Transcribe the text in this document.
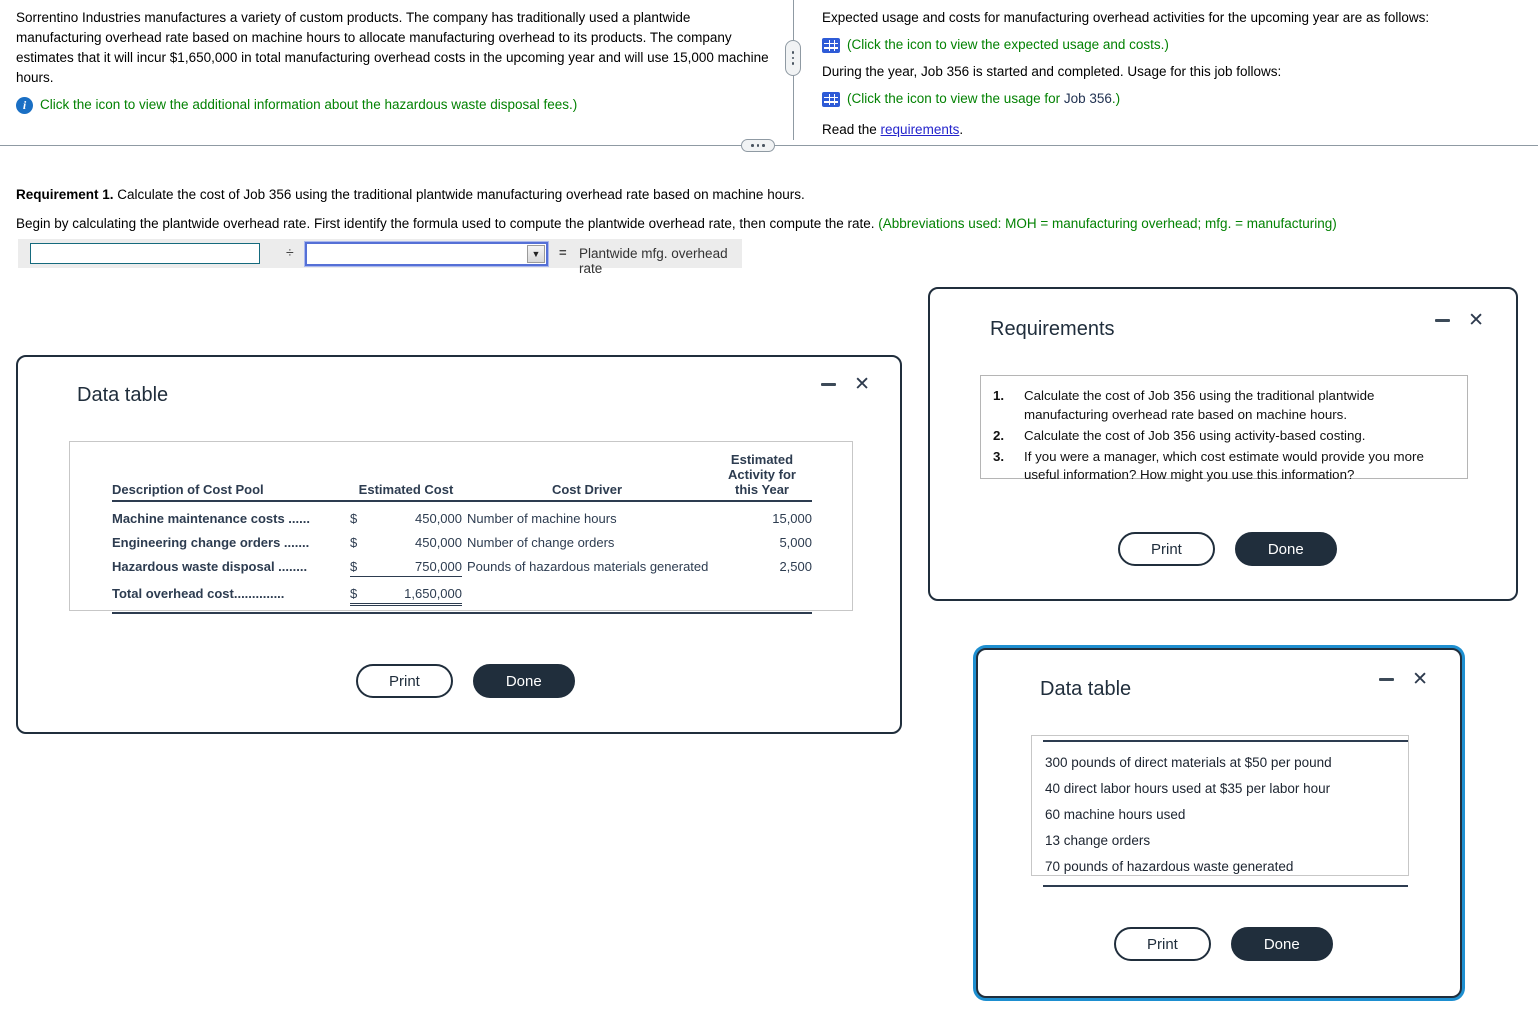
Sorrentino Industries manufactures a variety of custom products. The company has traditionally used a plantwide manufacturing overhead rate based on machine hours to allocate manufacturing overhead to its products. The company estimates that it will incur $1,650,000 in total manufacturing overhead costs in the upcoming year and will use 15,000 machine hours.
i	Click the icon to view the additional information about the hazardous waste disposal fees.)
Expected usage and costs for manufacturing overhead activities for the upcoming year are as follows:
(Click the icon to view the expected usage and costs.)
During the year, Job 356 is started and completed. Usage for this job follows:
(Click the icon to view the usage for Job 356.)
Read the requirements.
Requirement 1. Calculate the cost of Job 356 using the traditional plantwide manufacturing overhead rate based on machine hours.
Begin by calculating the plantwide overhead rate. First identify the formula used to compute the plantwide overhead rate, then compute the rate. (Abbreviations used: MOH = manufacturing overhead; mfg. = manufacturing)
÷	▼	= Plantwide mfg. overhead rate
Data table	✕
Description of Cost Pool	Estimated Cost	Cost Driver
Estimated
Activity for
this Year
Machine maintenance costs ......	$	450,000 Number of machine hours	15,000
Engineering change orders .......	$	450,000 Number of change orders	5,000
Hazardous waste disposal ........	$	750,000 Pounds of hazardous materials generated	2,500
Total overhead cost..............	$	1,650,000
Print	Done
Requirements	✕
1.	Calculate the cost of Job 356 using the traditional plantwide manufacturing overhead rate based on machine hours.
2.	Calculate the cost of Job 356 using activity-based costing.
3.	If you were a manager, which cost estimate would provide you more useful information? How might you use this information?
Print	Done
Data table	✕
300 pounds of direct materials at $50 per pound
40 direct labor hours used at $35 per labor hour
60 machine hours used
13 change orders
70 pounds of hazardous waste generated
Print	Done
